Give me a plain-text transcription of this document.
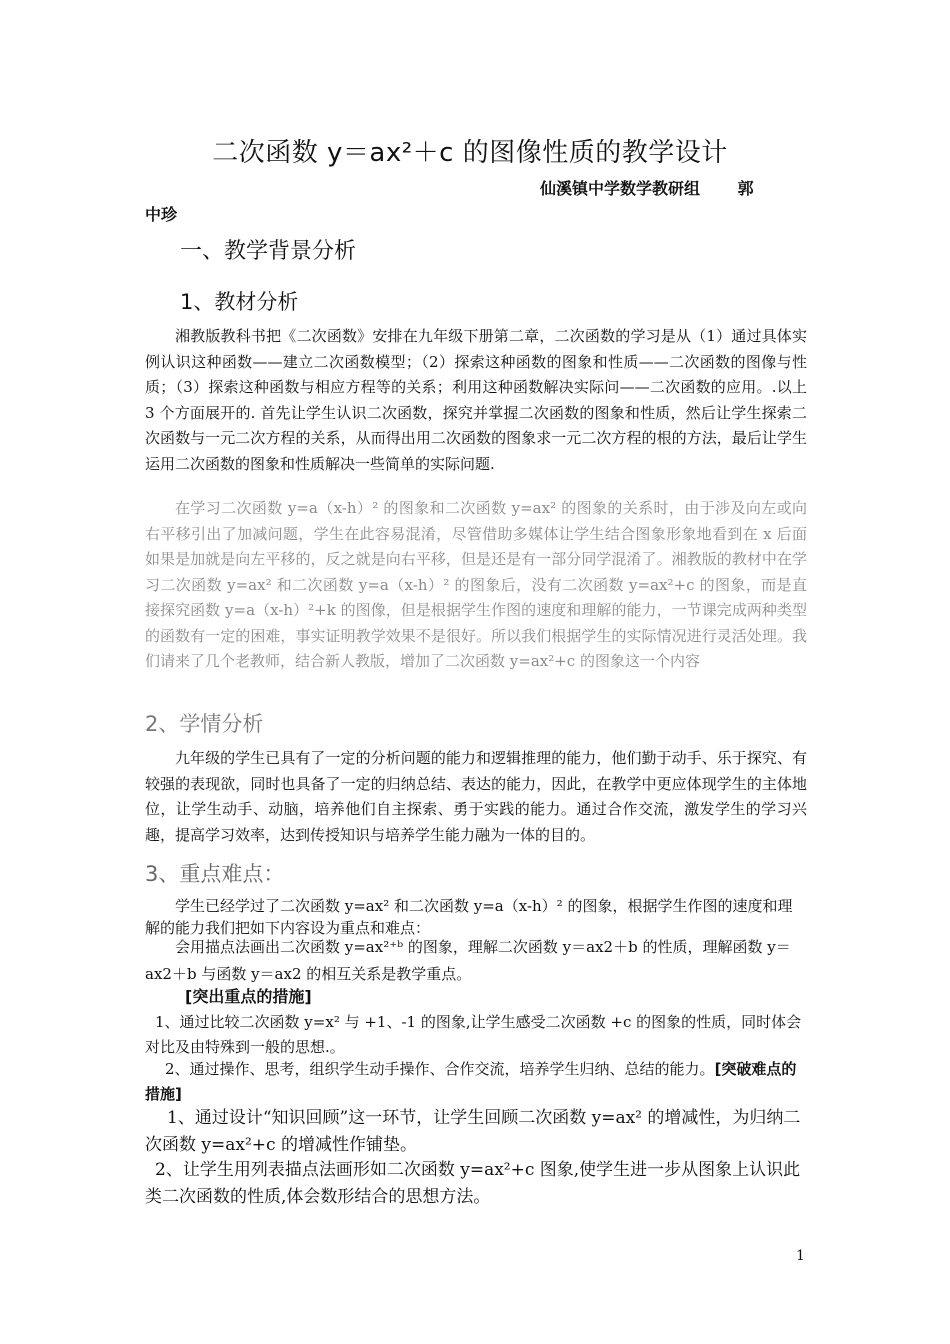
二次函数 y＝ax²＋c 的图像性质的教学设计
仙溪镇中学数学教研组　　 郭
中珍
一、教学背景分析
1、教材分析

湘教版教科书把《二次函数》安排在九年级下册第二章，二次函数的学习是从（1）通过具体实例认识这种函数——建立二次函数模型；（2）探索这种函数的图象和性质——二次函数的图像与性质；（3）探索这种函数与相应方程等的关系；利用这种函数解决实际问——二次函数的应用。.以上 3 个方面展开的. 首先让学生认识二次函数，探究并掌握二次函数的图象和性质，然后让学生探索二次函数与一元二次方程的关系，从而得出用二次函数的图象求一元二次方程的根的方法，最后让学生运用二次函数的图象和性质解决一些简单的实际问题.

在学习二次函数 y=a（x-h）² 的图象和二次函数 y=ax² 的图象的关系时，由于涉及向左或向右平移引出了加减问题，学生在此容易混淆，尽管借助多媒体让学生结合图象形象地看到在 x 后面如果是加就是向左平移的，反之就是向右平移，但是还是有一部分同学混淆了。湘教版的教材中在学习二次函数 y=ax² 和二次函数 y=a（x-h）² 的图象后，没有二次函数 y=ax²+c 的图象，而是直接探究函数 y=a（x-h）²+k 的图像，但是根据学生作图的速度和理解的能力，一节课完成两种类型的函数有一定的困难，事实证明教学效果不是很好。所以我们根据学生的实际情况进行灵活处理。我们请来了几个老教师，结合新人教版，增加了二次函数 y=ax²+c 的图象这一个内容

2、学情分析

九年级的学生已具有了一定的分析问题的能力和逻辑推理的能力，他们勤于动手、乐于探究、有较强的表现欲，同时也具备了一定的归纳总结、表达的能力，因此，在教学中更应体现学生的主体地位，让学生动手、动脑，培养他们自主探索、勇于实践的能力。通过合作交流，激发学生的学习兴趣，提高学习效率，达到传授知识与培养学生能力融为一体的目的。

3、重点难点：

学生已经学过了二次函数 y=ax² 和二次函数 y=a（x-h）² 的图象，根据学生作图的速度和理解的能力我们把如下内容设为重点和难点：

会用描点法画出二次函数 y=ax²⁺ᵇ 的图象，理解二次函数 y＝ax2＋b 的性质，理解函数 y＝ax2＋b 与函数 y＝ax2 的相互关系是教学重点。

[突出重点的措施]

1、通过比较二次函数 y=x² 与 +1、-1 的图象,让学生感受二次函数 +c 的图象的性质，同时体会对比及由特殊到一般的思想.。

2、通过操作、思考，组织学生动手操作、合作交流，培养学生归纳、总结的能力。[突破难点的措施]

1、通过设计“知识回顾”这一环节，让学生回顾二次函数 y=ax² 的增减性，为归纳二次函数 y=ax²+c 的增减性作铺垫。

2、让学生用列表描点法画形如二次函数 y=ax²+c 图象,使学生进一步从图象上认识此类二次函数的性质,体会数形结合的思想方法。

1
